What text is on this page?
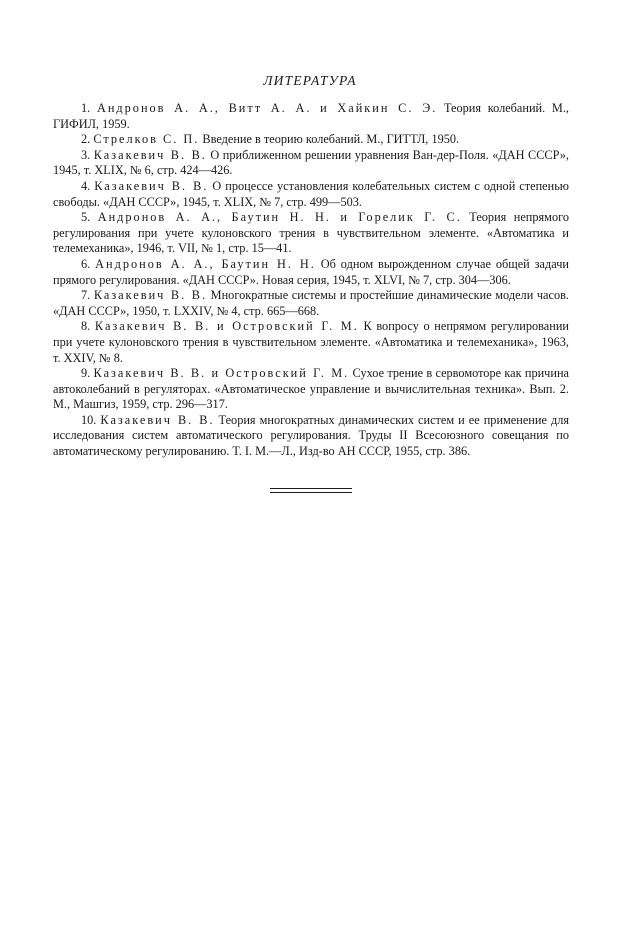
ЛИТЕРАТУРА

1. Андронов А. А., Витт А. А. и Хайкин С. Э. Теория колебаний. М., ГИФИЛ, 1959.

2. Стрелков С. П. Введение в теорию колебаний. М., ГИТТЛ, 1950.

3. Казакевич В. В. О приближенном решении уравнения Ван-дер-Поля. «ДАН СССР», 1945, т. XLIX, № 6, стр. 424—426.

4. Казакевич В. В. О процессе установления колебательных систем с одной степенью свободы. «ДАН СССР», 1945, т. XLIX, № 7, стр. 499—503.

5. Андронов А. А., Баутин Н. Н. и Горелик Г. С. Теория непрямого регулирования при учете кулоновского трения в чувствительном элементе. «Автоматика и телемеханика», 1946, т. VII, № 1, стр. 15—41.

6. Андронов А. А., Баутин Н. Н. Об одном вырожденном случае общей задачи прямого регулирования. «ДАН СССР». Новая серия, 1945, т. XLVI, № 7, стр. 304—306.

7. Казакевич В. В. Многократные системы и простейшие динамические модели часов. «ДАН СССР», 1950, т. LXXIV, № 4, стр. 665—668.

8. Казакевич В. В. и Островский Г. М. К вопросу о непрямом регулировании при учете кулоновского трения в чувствительном элементе. «Автоматика и телемеханика», 1963, т. XXIV, № 8.

9. Казакевич В. В. и Островский Г. М. Сухое трение в сервомоторе как причина автоколебаний в регуляторах. «Автоматическое управление и вычислительная техника». Вып. 2. М., Машгиз, 1959, стр. 296—317.

10. Казакевич В. В. Теория многократных динамических систем и ее применение для исследования систем автоматического регулирования. Труды II Всесоюзного совещания по автоматическому регулированию. Т. I. М.—Л., Изд-во АН СССР, 1955, стр. 386.
